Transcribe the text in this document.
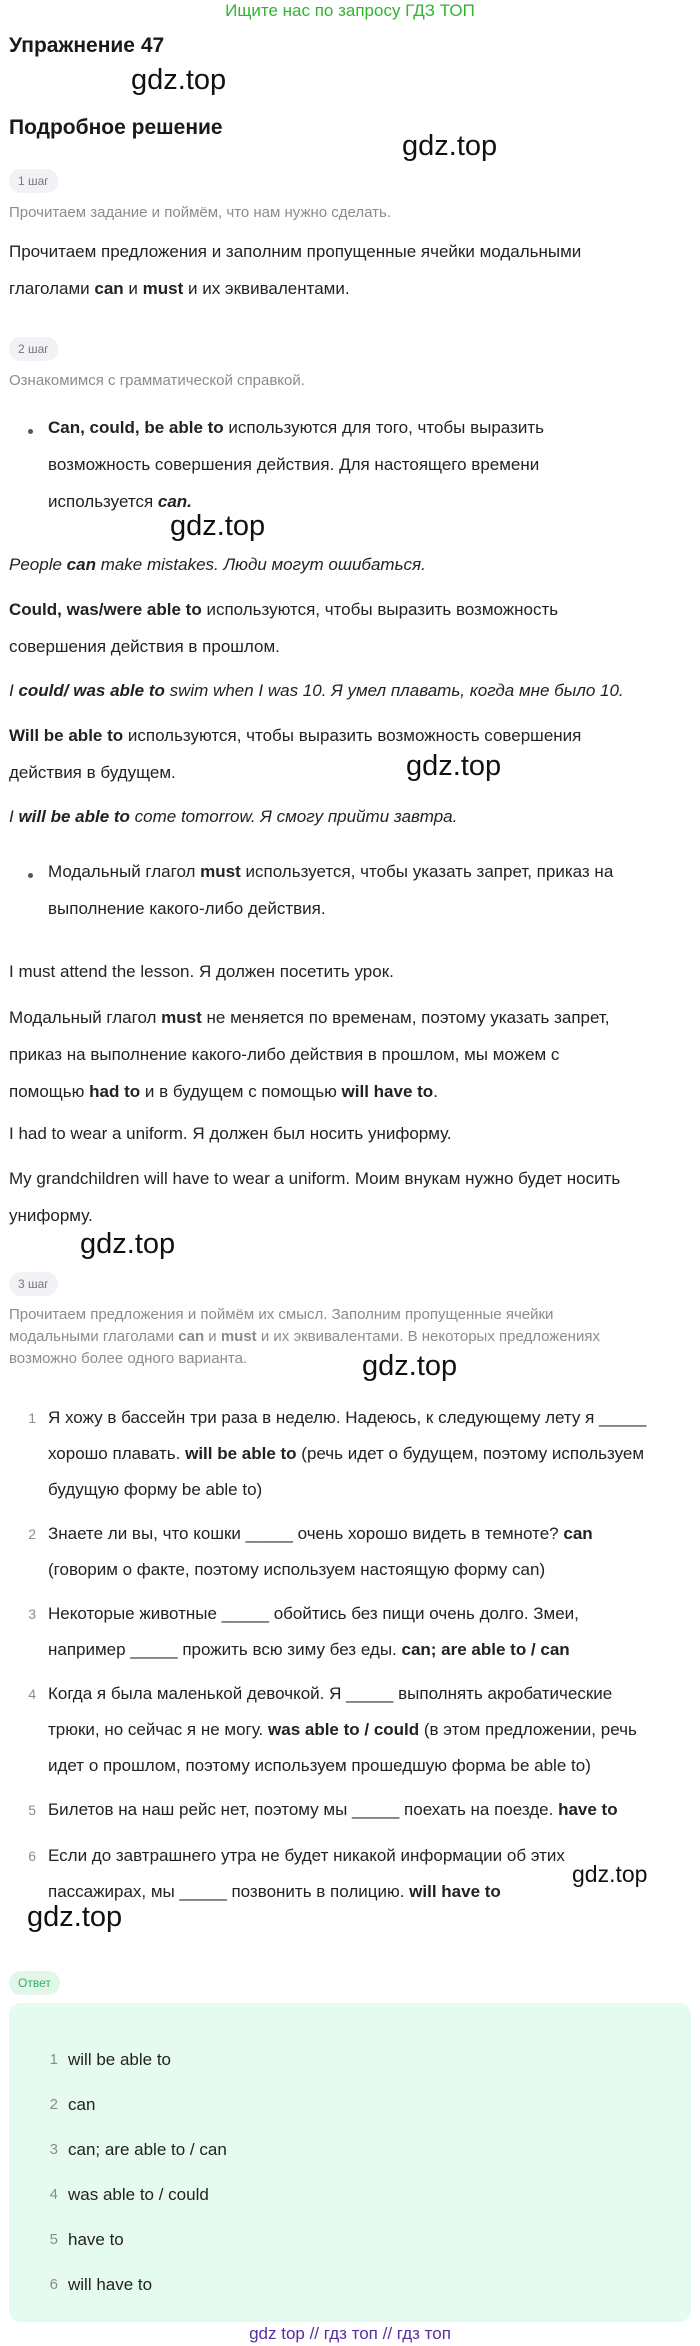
Ищите нас по запросу ГДЗ ТОП
Упражнение 47
Подробное решение
gdz.top
gdz.top
gdz.top
gdz.top
gdz.top
gdz.top
gdz.top
gdz.top
1 шаг
Прочитаем задание и поймём, что нам нужно сделать.
Прочитаем предложения и заполним пропущенные ячейки модальными
глаголами can и must и их эквивалентами.
2 шаг
Ознакомимся с грамматической справкой.
Can, could, be able to используются для того, чтобы выразить
возможность совершения действия. Для настоящего времени
используется can.
People can make mistakes. Люди могут ошибаться.
Could, was/were able to используются, чтобы выразить возможность
совершения действия в прошлом.
I could/ was able to swim when I was 10. Я умел плавать, когда мне было 10.
Will be able to используются, чтобы выразить возможность совершения
действия в будущем.
I will be able to come tomorrow. Я смогу прийти завтра.
Модальный глагол must используется, чтобы указать запрет, приказ на
выполнение какого-либо действия.
I must attend the lesson. Я должен посетить урок.
Модальный глагол must не меняется по временам, поэтому указать запрет,
приказ на выполнение какого-либо действия в прошлом, мы можем с
помощью had to и в будущем с помощью will have to.
I had to wear a uniform. Я должен был носить униформу.
My grandchildren will have to wear a uniform. Моим внукам нужно будет носить
униформу.
3 шаг
Прочитаем предложения и поймём их смысл. Заполним пропущенные ячейки
модальными глаголами can и must и их эквивалентами. В некоторых предложениях
возможно более одного варианта.
1 Я хожу в бассейн три раза в неделю. Надеюсь, к следующему лету я _____
хорошо плавать. will be able to (речь идет о будущем, поэтому используем
будущую форму be able to)
2 Знаете ли вы, что кошки _____ очень хорошо видеть в темноте? can
(говорим о факте, поэтому используем настоящую форму can)
3 Некоторые животные _____ обойтись без пищи очень долго. Змеи,
например _____ прожить всю зиму без еды. can; are able to / can
4 Когда я была маленькой девочкой. Я _____ выполнять акробатические
трюки, но сейчас я не могу. was able to / could (в этом предложении, речь
идет о прошлом, поэтому используем прошедшую форма be able to)
5 Билетов на наш рейс нет, поэтому мы _____ поехать на поезде. have to
6 Если до завтрашнего утра не будет никакой информации об этих
пассажирах, мы _____ позвонить в полицию. will have to
Ответ
1 will be able to
2 can
3 can; are able to / can
4 was able to / could
5 have to
6 will have to
gdz top // гдз топ // гдз топ
